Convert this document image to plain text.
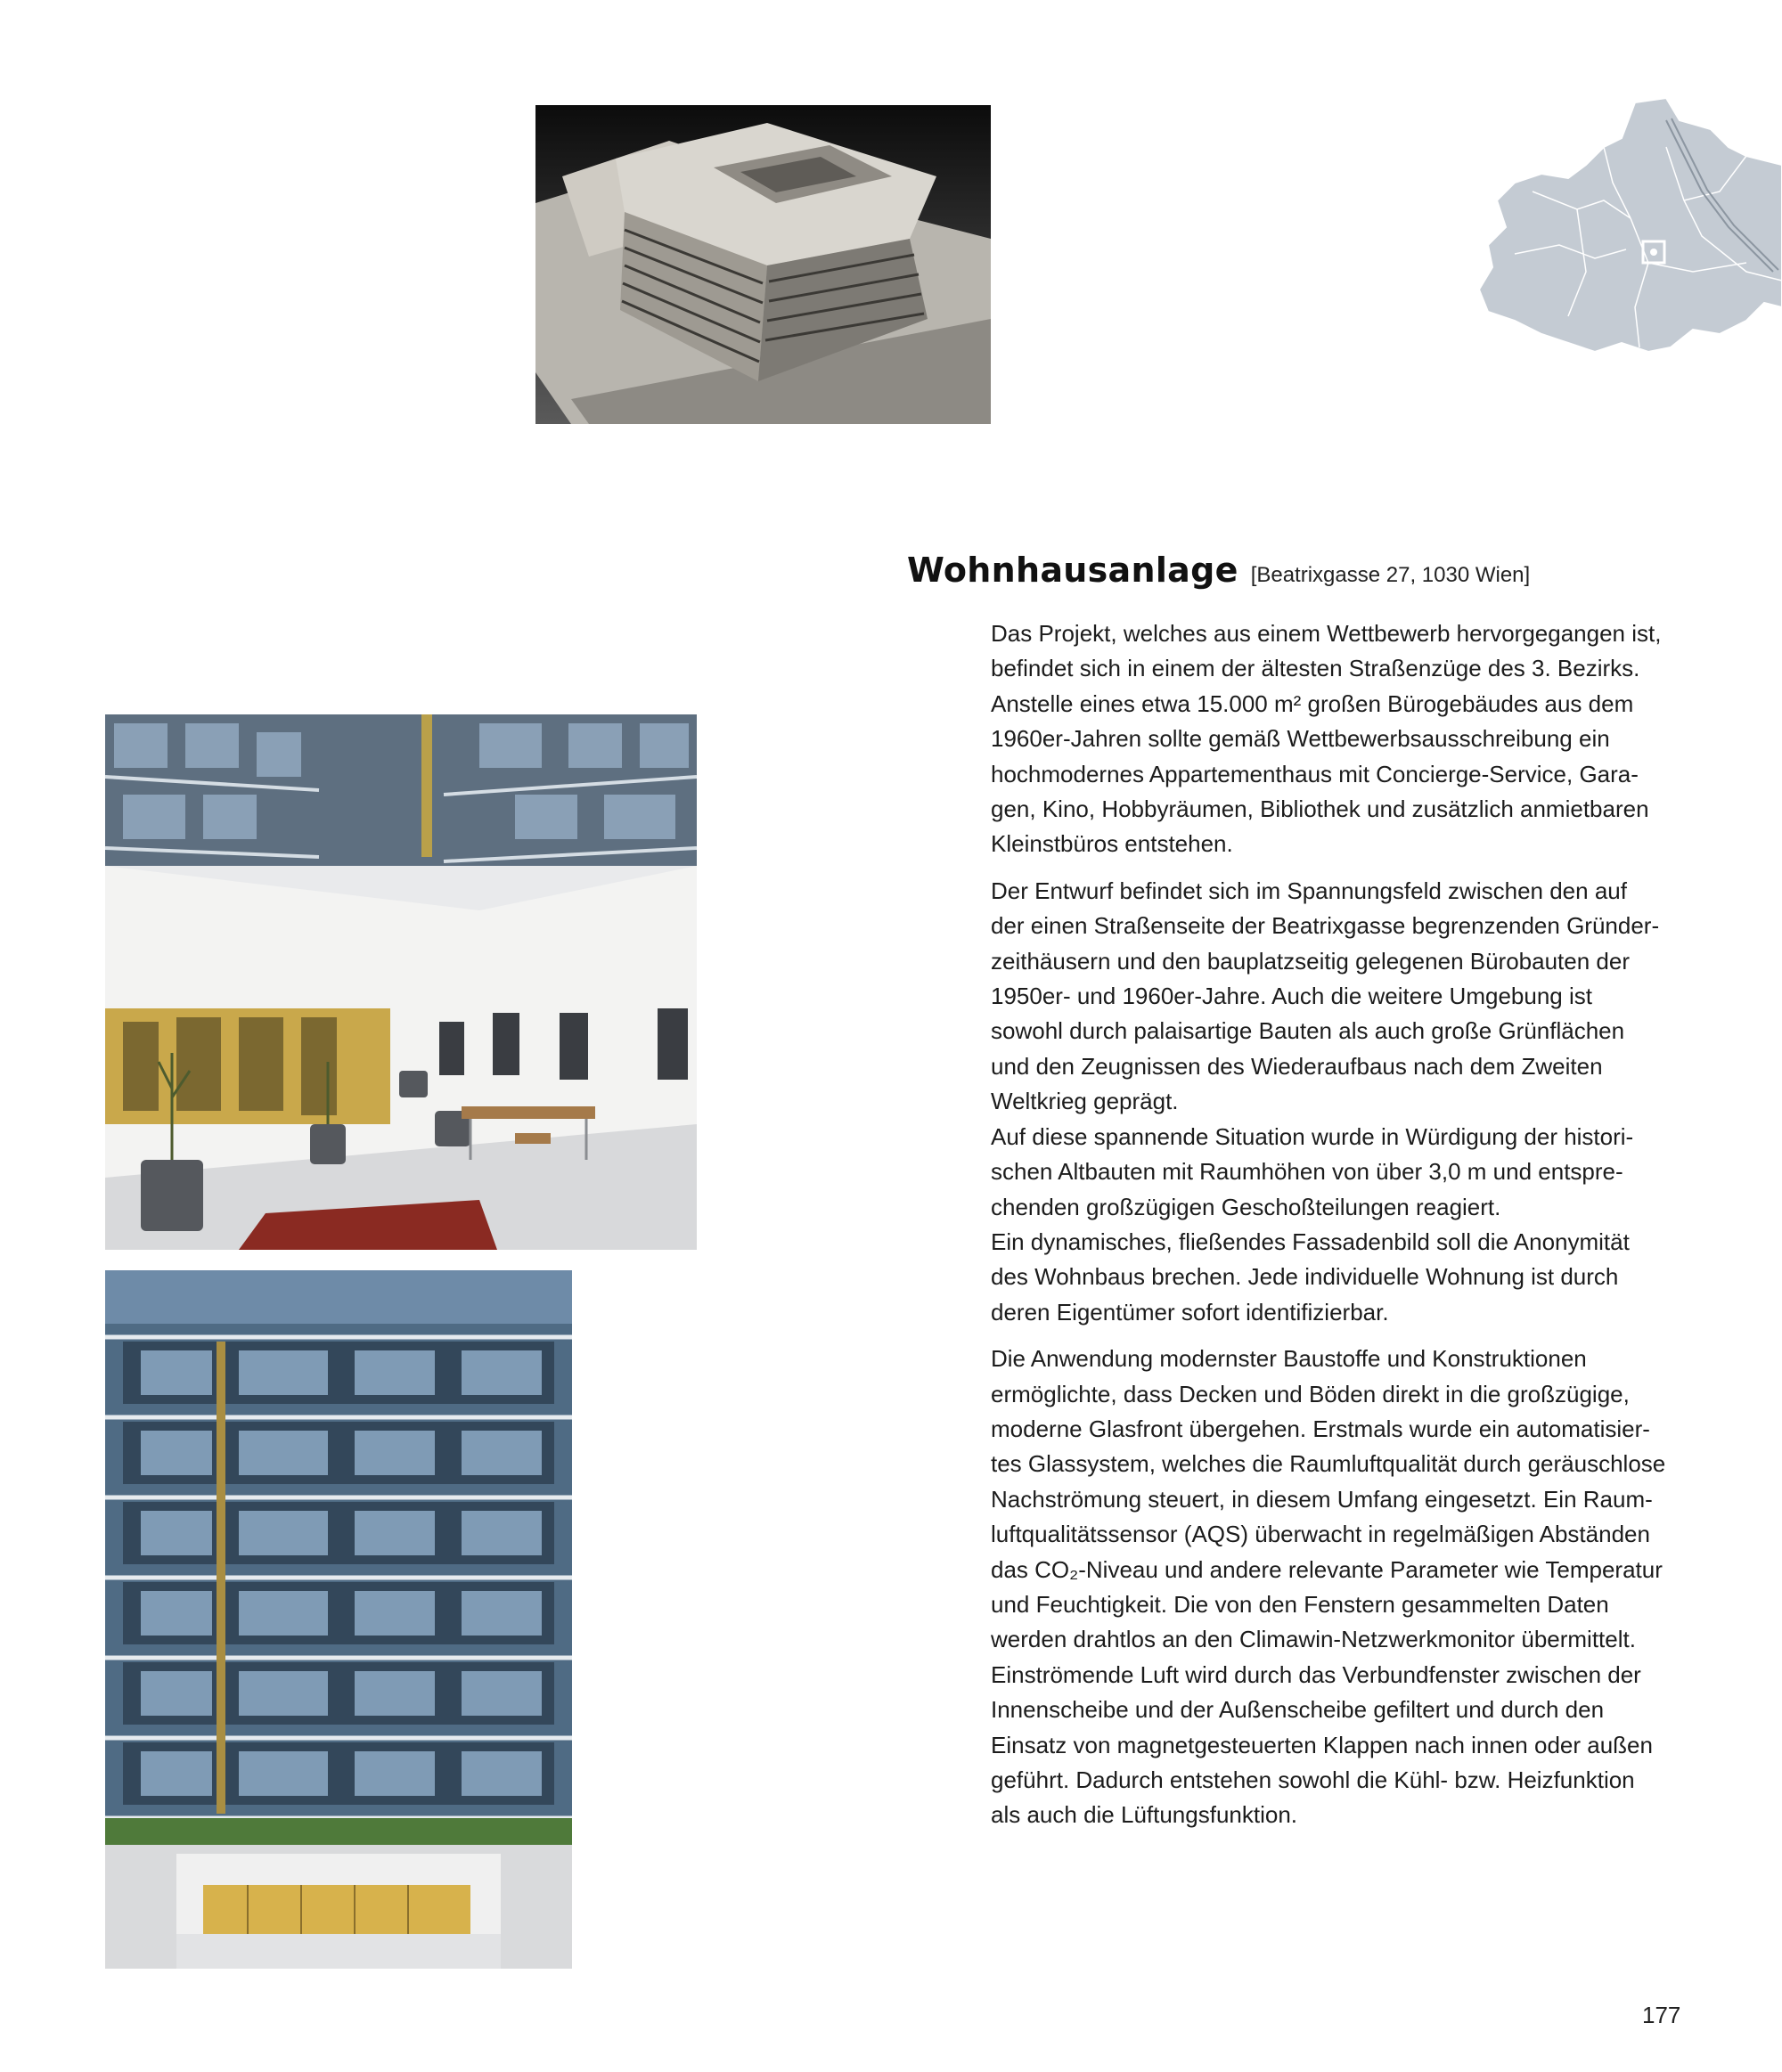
Wohnhausanlage [Beatrixgasse 27, 1030 Wien]

Das Projekt, welches aus einem Wettbewerb hervorgegangen ist,
befindet sich in einem der ältesten Straßenzüge des 3. Bezirks.
Anstelle eines etwa 15.000 m² großen Bürogebäudes aus dem
1960er-Jahren sollte gemäß Wettbewerbsausschreibung ein
hochmodernes Appartementhaus mit Concierge-Service, Gara-
gen, Kino, Hobbyräumen, Bibliothek und zusätzlich anmietbaren
Kleinstbüros entstehen.

Der Entwurf befindet sich im Spannungsfeld zwischen den auf
der einen Straßenseite der Beatrixgasse begrenzenden Gründer-
zeithäusern und den bauplatzseitig gelegenen Bürobauten der
1950er- und 1960er-Jahre. Auch die weitere Umgebung ist
sowohl durch palaisartige Bauten als auch große Grünflächen
und den Zeugnissen des Wiederaufbaus nach dem Zweiten
Weltkrieg geprägt.
Auf diese spannende Situation wurde in Würdigung der histori-
schen Altbauten mit Raumhöhen von über 3,0 m und entspre-
chenden großzügigen Geschoßteilungen reagiert.
Ein dynamisches, fließendes Fassadenbild soll die Anonymität
des Wohnbaus brechen. Jede individuelle Wohnung ist durch
deren Eigentümer sofort identifizierbar.

Die Anwendung modernster Baustoffe und Konstruktionen
ermöglichte, dass Decken und Böden direkt in die großzügige,
moderne Glasfront übergehen. Erstmals wurde ein automatisier-
tes Glassystem, welches die Raumluftqualität durch geräuschlose
Nachströmung steuert, in diesem Umfang eingesetzt. Ein Raum-
luftqualitätssensor (AQS) überwacht in regelmäßigen Abständen
das CO₂-Niveau und andere relevante Parameter wie Temperatur
und Feuchtigkeit. Die von den Fenstern gesammelten Daten
werden drahtlos an den Climawin-Netzwerkmonitor übermittelt.
Einströmende Luft wird durch das Verbundfenster zwischen der
Innenscheibe und der Außenscheibe gefiltert und durch den
Einsatz von magnetgesteuerten Klappen nach innen oder außen
geführt. Dadurch entstehen sowohl die Kühl- bzw. Heizfunktion
als auch die Lüftungsfunktion.

177
